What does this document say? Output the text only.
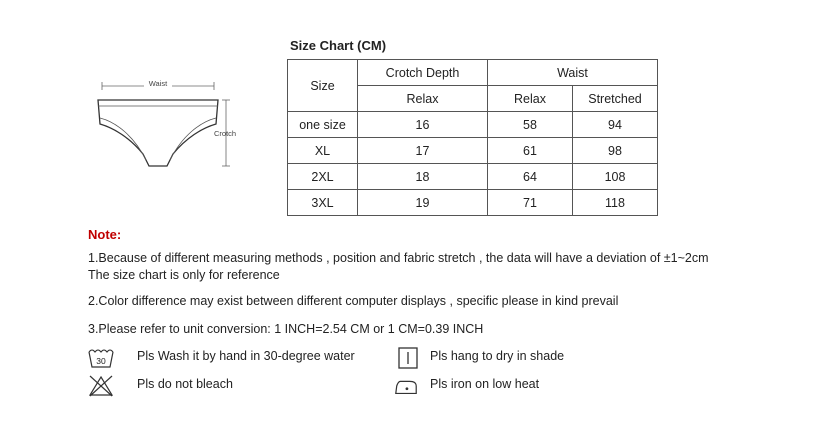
Waist
Crotch
Size Chart (CM)
Size	Crotch Depth	Waist	
	Relax	Relax	Stretched
one size	16	58	94
XL	17	61	98
2XL	18	64	108
3XL	19	71	118
Note:
1.Because of different measuring methods , position and fabric stretch , the data will have a deviation of ±1~2cm
The size chart is only for reference
2.Color difference may exist between different computer displays , specific please in kind prevail
3.Please refer to unit conversion: 1 INCH=2.54 CM or 1 CM=0.39 INCH
30	Pls Wash it by hand in 30-degree water	Pls hang to dry in shade
Pls do not bleach	Pls iron on low heat
